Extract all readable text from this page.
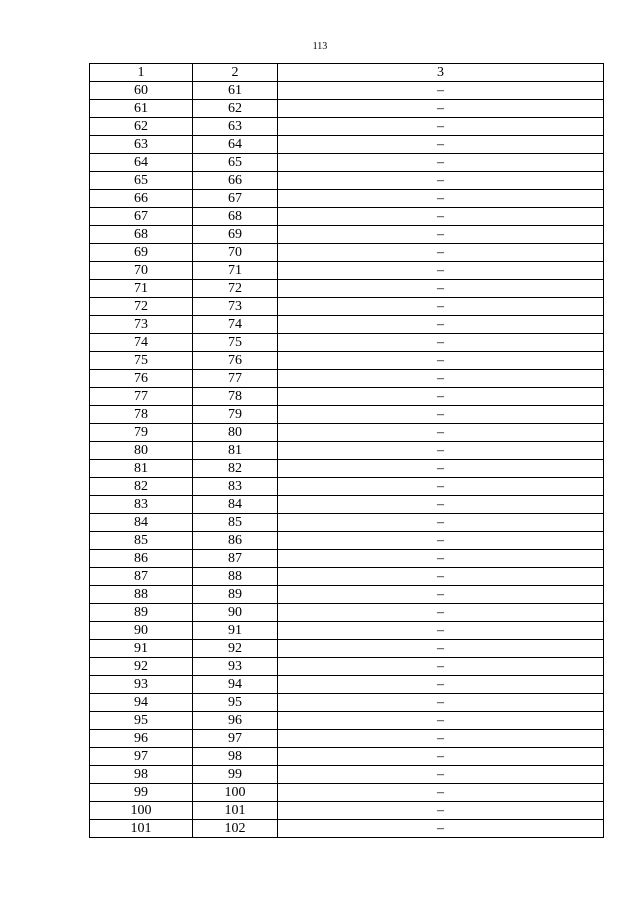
113
1	2	3
60	61	–
61	62	–
62	63	–
63	64	–
64	65	–
65	66	–
66	67	–
67	68	–
68	69	–
69	70	–
70	71	–
71	72	–
72	73	–
73	74	–
74	75	–
75	76	–
76	77	–
77	78	–
78	79	–
79	80	–
80	81	–
81	82	–
82	83	–
83	84	–
84	85	–
85	86	–
86	87	–
87	88	–
88	89	–
89	90	–
90	91	–
91	92	–
92	93	–
93	94	–
94	95	–
95	96	–
96	97	–
97	98	–
98	99	–
99	100	–
100	101	–
101	102	–
